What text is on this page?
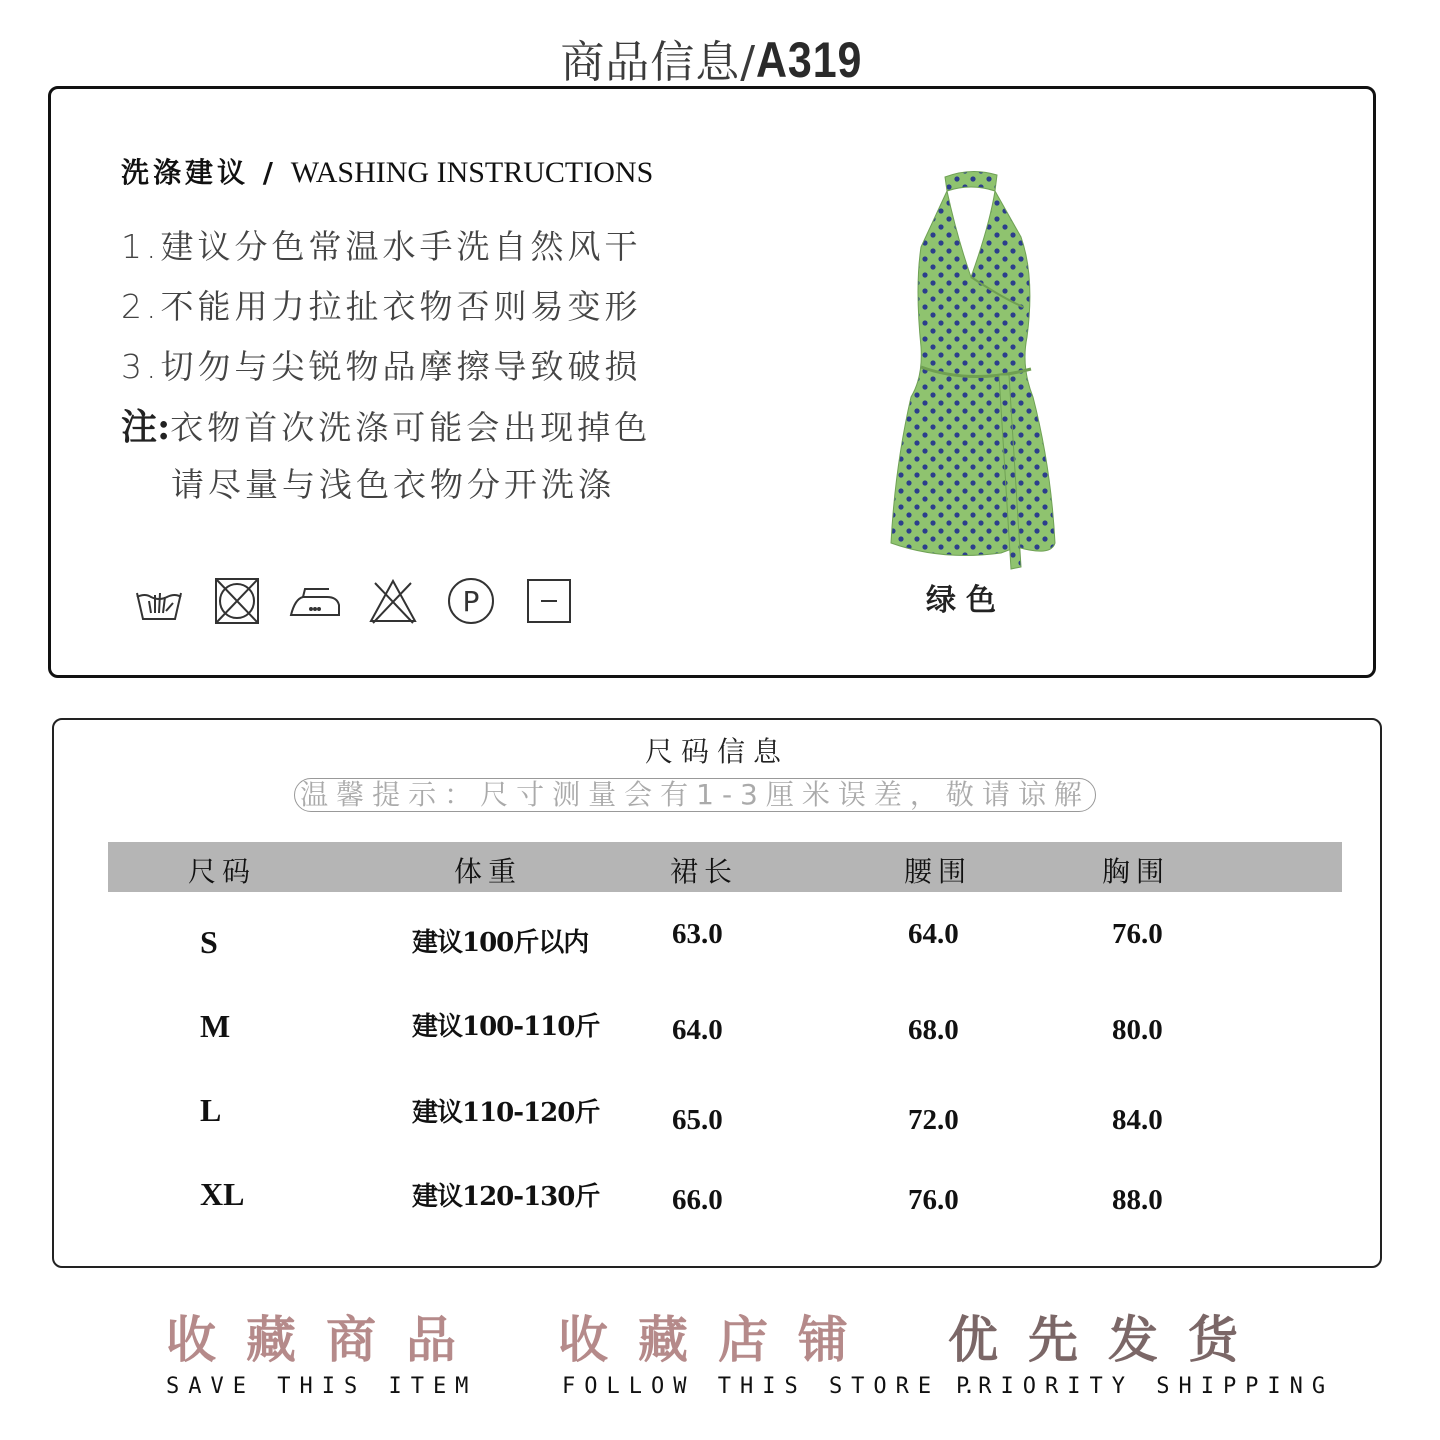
商品信息/A319
洗涤建议 / WASHING INSTRUCTIONS
1.建议分色常温水手洗自然风干
2.不能用力拉扯衣物否则易变形
3.切勿与尖锐物品摩擦导致破损
注:衣物首次洗涤可能会出现掉色
请尽量与浅色衣物分开洗涤
P	绿色
尺码信息
温馨提示：尺寸测量会有1-3厘米误差，敬请谅解
尺码	体重	裙长	腰围	胸围
S	建议100斤以内	63.0	64.0	76.0
M	建议100-110斤	64.0	68.0	80.0
L	建议110-120斤	65.0	72.0	84.0
XL	建议120-130斤	66.0	76.0	88.0
收藏商品
SAVE THIS ITEM
收藏店铺
FOLLOW THIS STORE .
优先发货
PRIORITY SHIPPING
